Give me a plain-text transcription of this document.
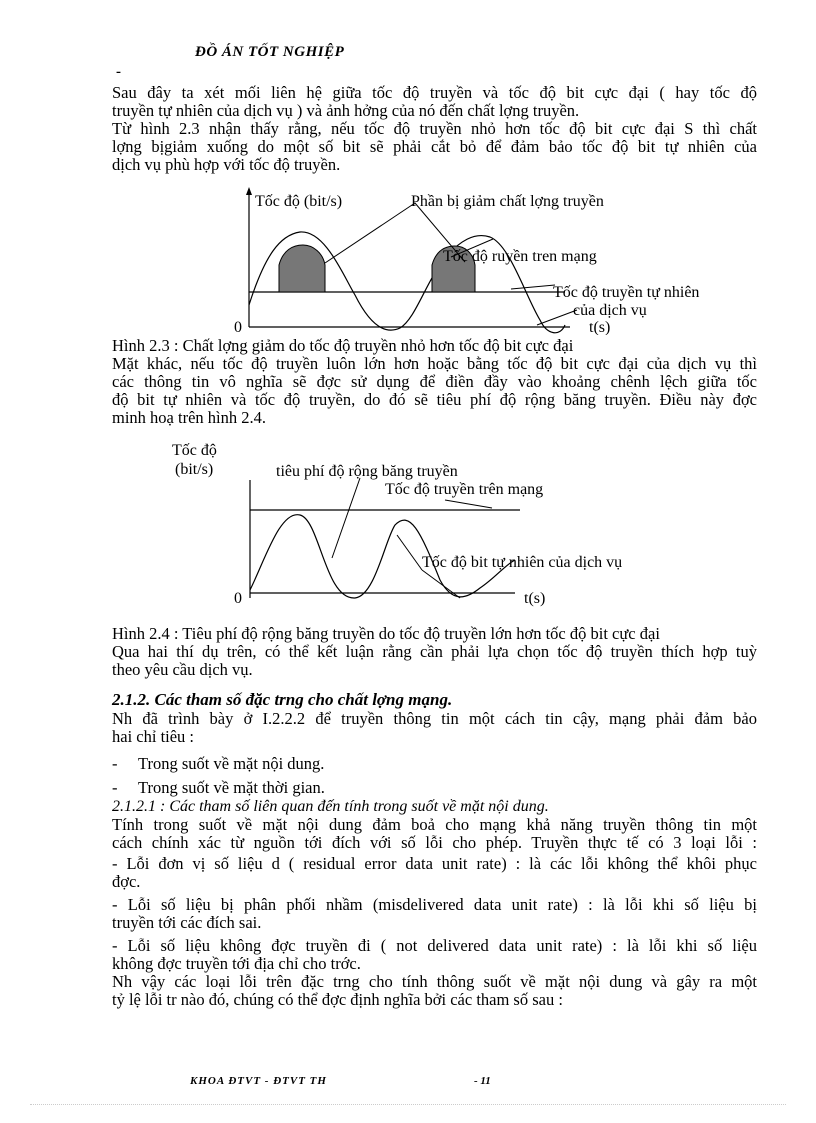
ĐỒ ÁN TỐT NGHIỆP
-
Sau đây ta xét mối liên hệ giữa tốc độ truyền và tốc độ bit cực đại ( hay tốc độ
truyền tự nhiên của dịch vụ ) và ảnh hởng của nó đến chất lợng truyền.
Từ hình 2.3 nhận thấy rằng, nếu tốc độ truyền nhỏ hơn tốc độ bit cực đại S thì chất
lợng bịgiảm xuống do một số bit sẽ phải cắt bỏ để đảm bảo tốc độ bit tự nhiên của
dịch vụ phù hợp với tốc độ truyền.
Tốc độ (bit/s)	Phần bị giảm chất lợng truyền
Tốc độ ruyền tren mạng
Tốc độ truyền tự nhiên
của dịch vụ
0	t(s)
Hình 2.3 : Chất lợng giảm do tốc độ truyền nhỏ hơn tốc độ bit cực đại
Mặt khác, nếu tốc độ truyền luôn lớn hơn hoặc bằng tốc độ bit cực đại của dịch vụ thì
các thông tin vô nghĩa sẽ đợc sử dụng để điền đầy vào khoảng chênh lệch giữa tốc
độ bit tự nhiên và tốc độ truyền, do đó sẽ tiêu phí độ rộng băng truyền. Điều này đợc
minh hoạ trên hình 2.4.
Tốc độ
(bit/s)	tiêu phí độ rộng băng truyền
Tốc độ truyền trên mạng
Tốc độ bit tự nhiên của dịch vụ
0	t(s)
Hình 2.4 : Tiêu phí độ rộng băng truyền do tốc độ truyền lớn hơn tốc độ bit cực đại
Qua hai thí dụ trên, có thể kết luận rằng cần phải lựa chọn tốc độ truyền thích hợp tuỳ
theo yêu cầu dịch vụ.
2.1.2. Các tham số đặc trng cho chất lợng mạng.
Nh đã trình bày ở I.2.2.2 để truyền thông tin một cách tin cậy, mạng phải đảm bảo
hai chỉ tiêu :
- Trong suốt về mặt nội dung.
- Trong suốt về mặt thời gian.
2.1.2.1 : Các tham số liên quan đến tính trong suốt về mặt nội dung.
Tính trong suốt về mặt nội dung đảm boả cho mạng khả năng truyền thông tin một
cách chính xác từ nguồn tới đích với số lỗi cho phép. Truyền thực tế có 3 loại lỗi :
- Lỗi đơn vị số liệu d ( residual error data unit rate) : là các lỗi không thể khôi phục
đợc.
- Lỗi số liệu bị phân phối nhầm (misdelivered data unit rate) : là lỗi khi số liệu bị
truyền tới các đích sai.
- Lỗi số liệu không đợc truyền đi ( not delivered data unit rate) : là lỗi khi số liệu
không đợc truyền tới địa chỉ cho trớc.
Nh vậy các loại lỗi trên đặc trng cho tính thông suốt về mặt nội dung và gây ra một
tỷ lệ lỗi tr nào đó, chúng có thể đợc định nghĩa bởi các tham số sau :
KHOA ĐTVT - ĐTVT TH	- 11
